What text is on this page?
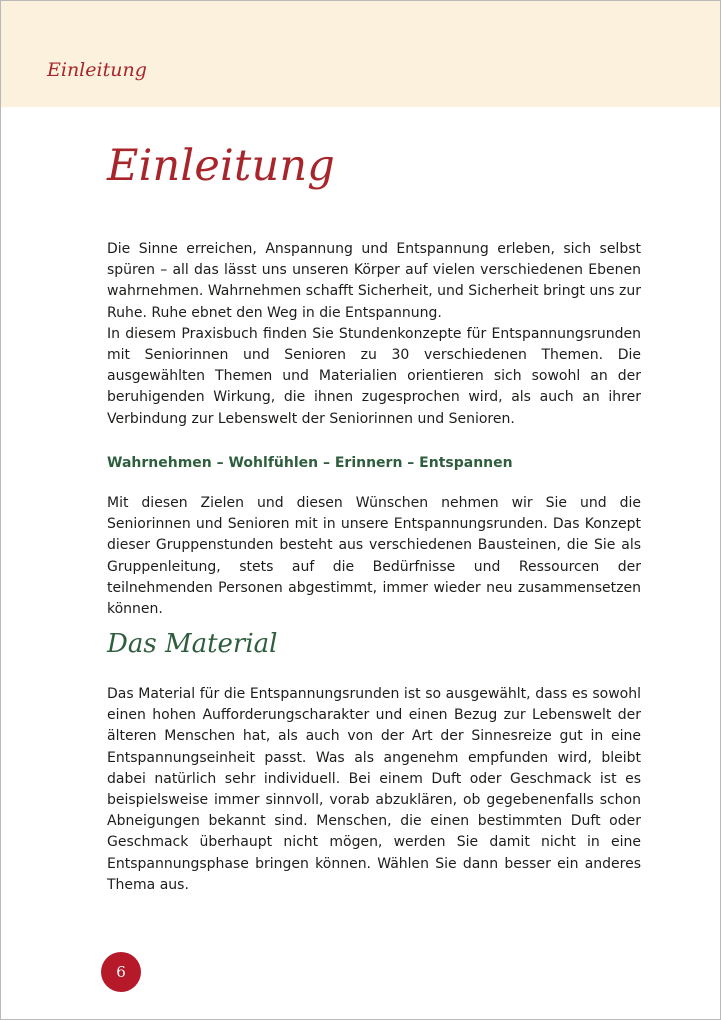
Einleitung
Einleitung

Die Sinne erreichen, Anspannung und Entspannung erleben, sich selbst spüren – all das lässt uns unseren Körper auf vielen verschiedenen Ebenen wahrnehmen. Wahrnehmen schafft Sicherheit, und Sicherheit bringt uns zur Ruhe. Ruhe ebnet den Weg in die Entspannung.

In diesem Praxisbuch finden Sie Stundenkonzepte für Entspannungsrunden mit Seniorinnen und Senioren zu 30 verschiedenen Themen. Die ausgewählten Themen und Materialien orientieren sich sowohl an der beruhigenden Wirkung, die ihnen zugesprochen wird, als auch an ihrer Verbindung zur Lebenswelt der Seniorinnen und Senioren.

Wahrnehmen – Wohlfühlen – Erinnern – Entspannen

Mit diesen Zielen und diesen Wünschen nehmen wir Sie und die Seniorinnen und Senioren mit in unsere Entspannungsrunden. Das Konzept dieser Gruppenstunden besteht aus verschiedenen Bausteinen, die Sie als Gruppenleitung, stets auf die Bedürfnisse und Ressourcen der teilnehmenden Personen abgestimmt, immer wieder neu zusammensetzen können.

Das Material

Das Material für die Entspannungsrunden ist so ausgewählt, dass es sowohl einen hohen Aufforderungscharakter und einen Bezug zur Lebenswelt der älteren Menschen hat, als auch von der Art der Sinnesreize gut in eine Entspannungseinheit passt. Was als angenehm empfunden wird, bleibt dabei natürlich sehr individuell. Bei einem Duft oder Geschmack ist es beispielsweise immer sinnvoll, vorab abzuklären, ob gegebenenfalls schon Abneigungen bekannt sind. Menschen, die einen bestimmten Duft oder Geschmack überhaupt nicht mögen, werden Sie damit nicht in eine Entspannungsphase bringen können. Wählen Sie dann besser ein anderes Thema aus.

6
